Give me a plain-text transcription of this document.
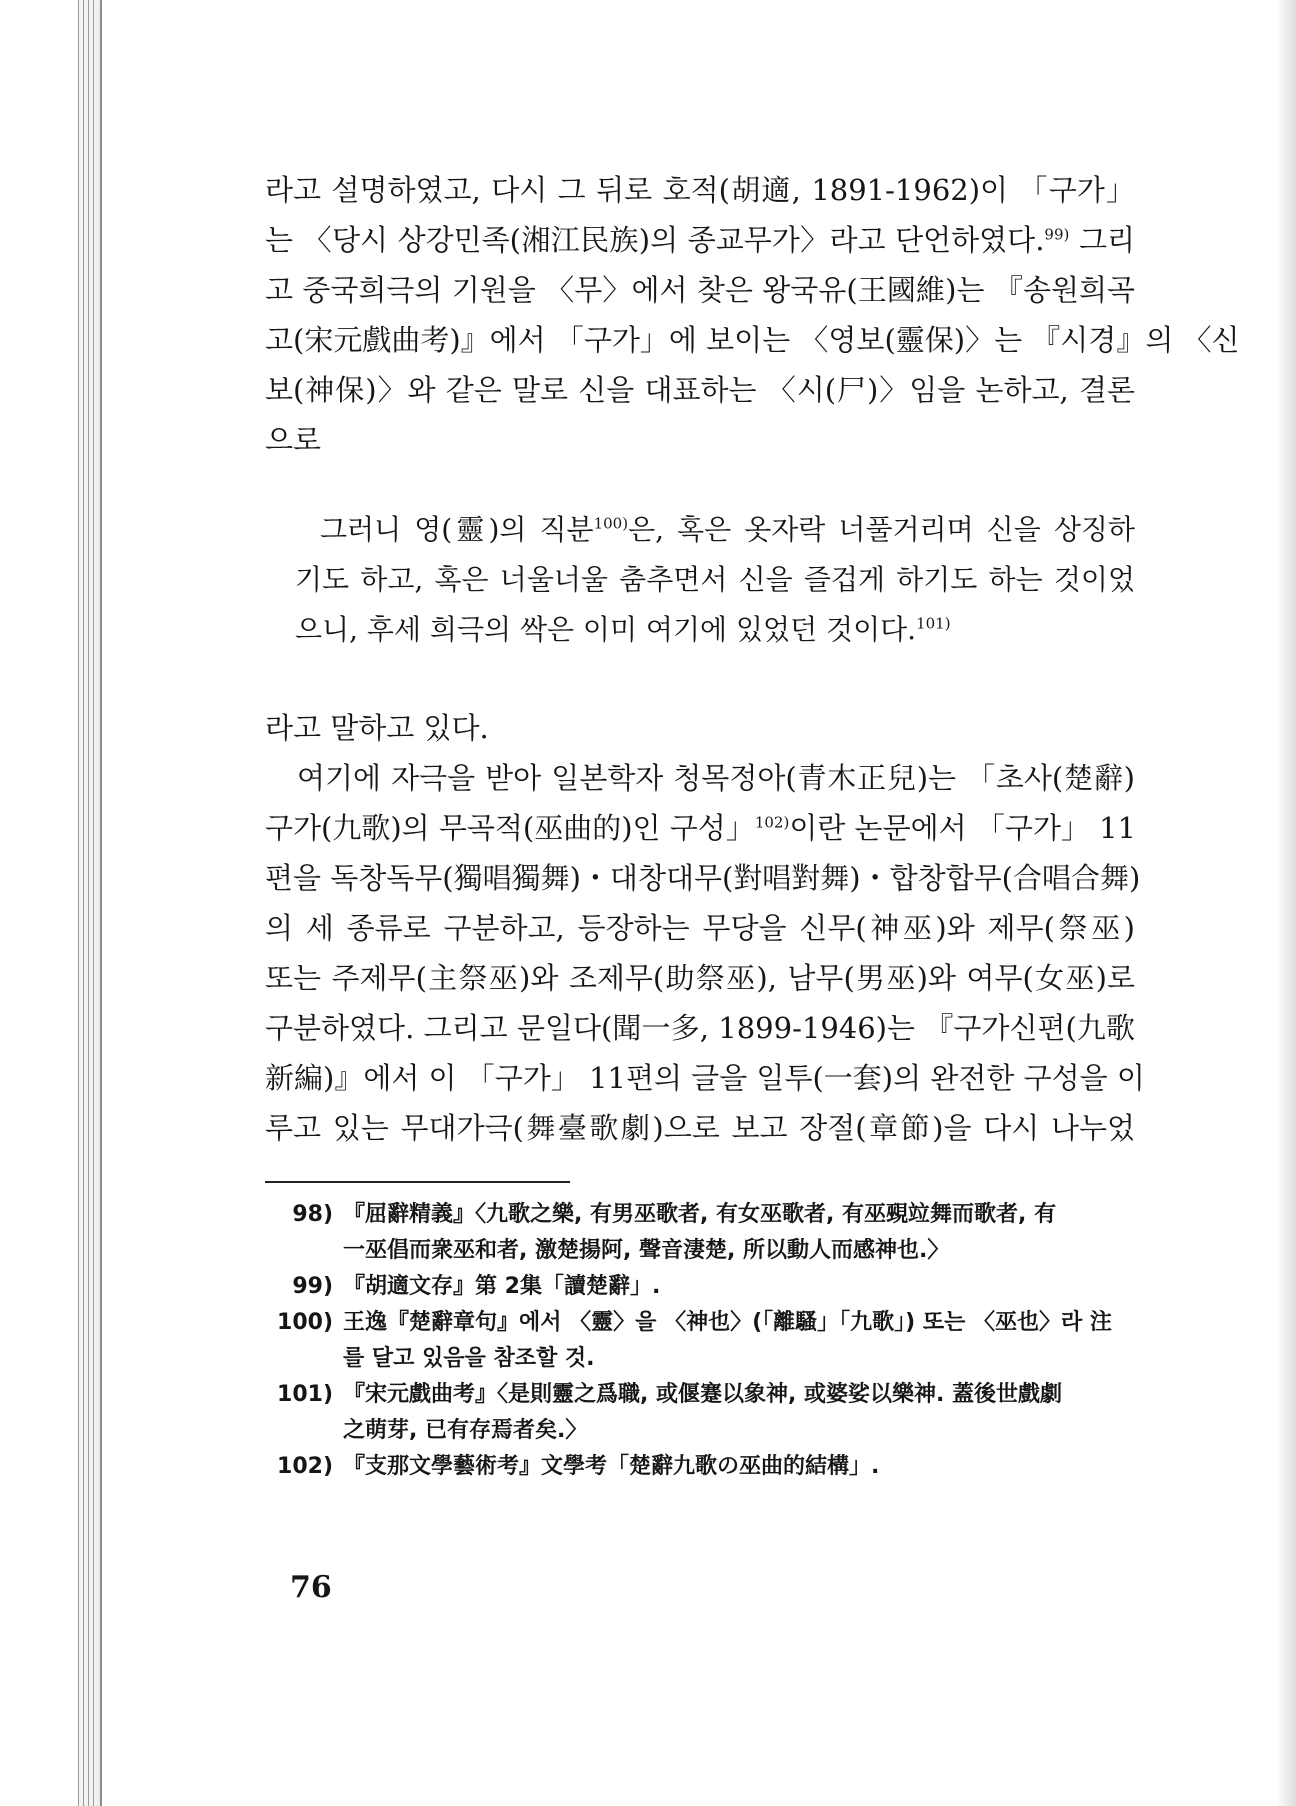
라고 설명하였고, 다시 그 뒤로 호적(胡適, 1891-1962)이 「구가」
는 〈당시 상강민족(湘江民族)의 종교무가〉라고 단언하였다.$^{99)}$ 그리
고 중국희극의 기원을 〈무〉에서 찾은 왕국유(王國維)는 『송원희곡
고(宋元戲曲考)』에서 「구가」에 보이는 〈영보(靈保)〉는 『시경』의 〈신
보(神保)〉와 같은 말로 신을 대표하는 〈시(尸)〉임을 논하고, 결론
으로
그러니 영(靈)의 직분$^{100)}$은, 혹은 옷자락 너풀거리며 신을 상징하
기도 하고, 혹은 너울너울 춤추면서 신을 즐겁게 하기도 하는 것이었
으니, 후세 희극의 싹은 이미 여기에 있었던 것이다.$^{101)}$
라고 말하고 있다.
여기에 자극을 받아 일본학자 청목정아(青木正兒)는 「초사(楚辭)
구가(九歌)의 무곡적(巫曲的)인 구성」$^{102)}$이란 논문에서 「구가」 11
편을 독창독무(獨唱獨舞)・대창대무(對唱對舞)・합창합무(合唱合舞)
의 세 종류로 구분하고, 등장하는 무당을 신무(神巫)와 제무(祭巫)
또는 주제무(主祭巫)와 조제무(助祭巫), 남무(男巫)와 여무(女巫)로
구분하였다. 그리고 문일다(聞一多, 1899-1946)는 『구가신편(九歌
新編)』에서 이 「구가」 11편의 글을 일투(一套)의 완전한 구성을 이
루고 있는 무대가극(舞臺歌劇)으로 보고 장절(章節)을 다시 나누었
98) 『屈辭精義』〈九歌之樂, 有男巫歌者, 有女巫歌者, 有巫覡竝舞而歌者, 有
一巫倡而衆巫和者, 激楚揚阿, 聲音淒楚, 所以動人而感神也.〉
99) 『胡適文存』第 2集「讀楚辭」.
100) 王逸『楚辭章句』에서 〈靈〉을 〈神也〉(「離騷」「九歌」) 또는 〈巫也〉라 注
를 달고 있음을 참조할 것.
101) 『宋元戲曲考』〈是則靈之爲職, 或偃蹇以象神, 或婆娑以樂神. 蓋後世戲劇
之萌芽, 已有存焉者矣.〉
102) 『支那文學藝術考』文學考「楚辭九歌の巫曲的結構」.
76
